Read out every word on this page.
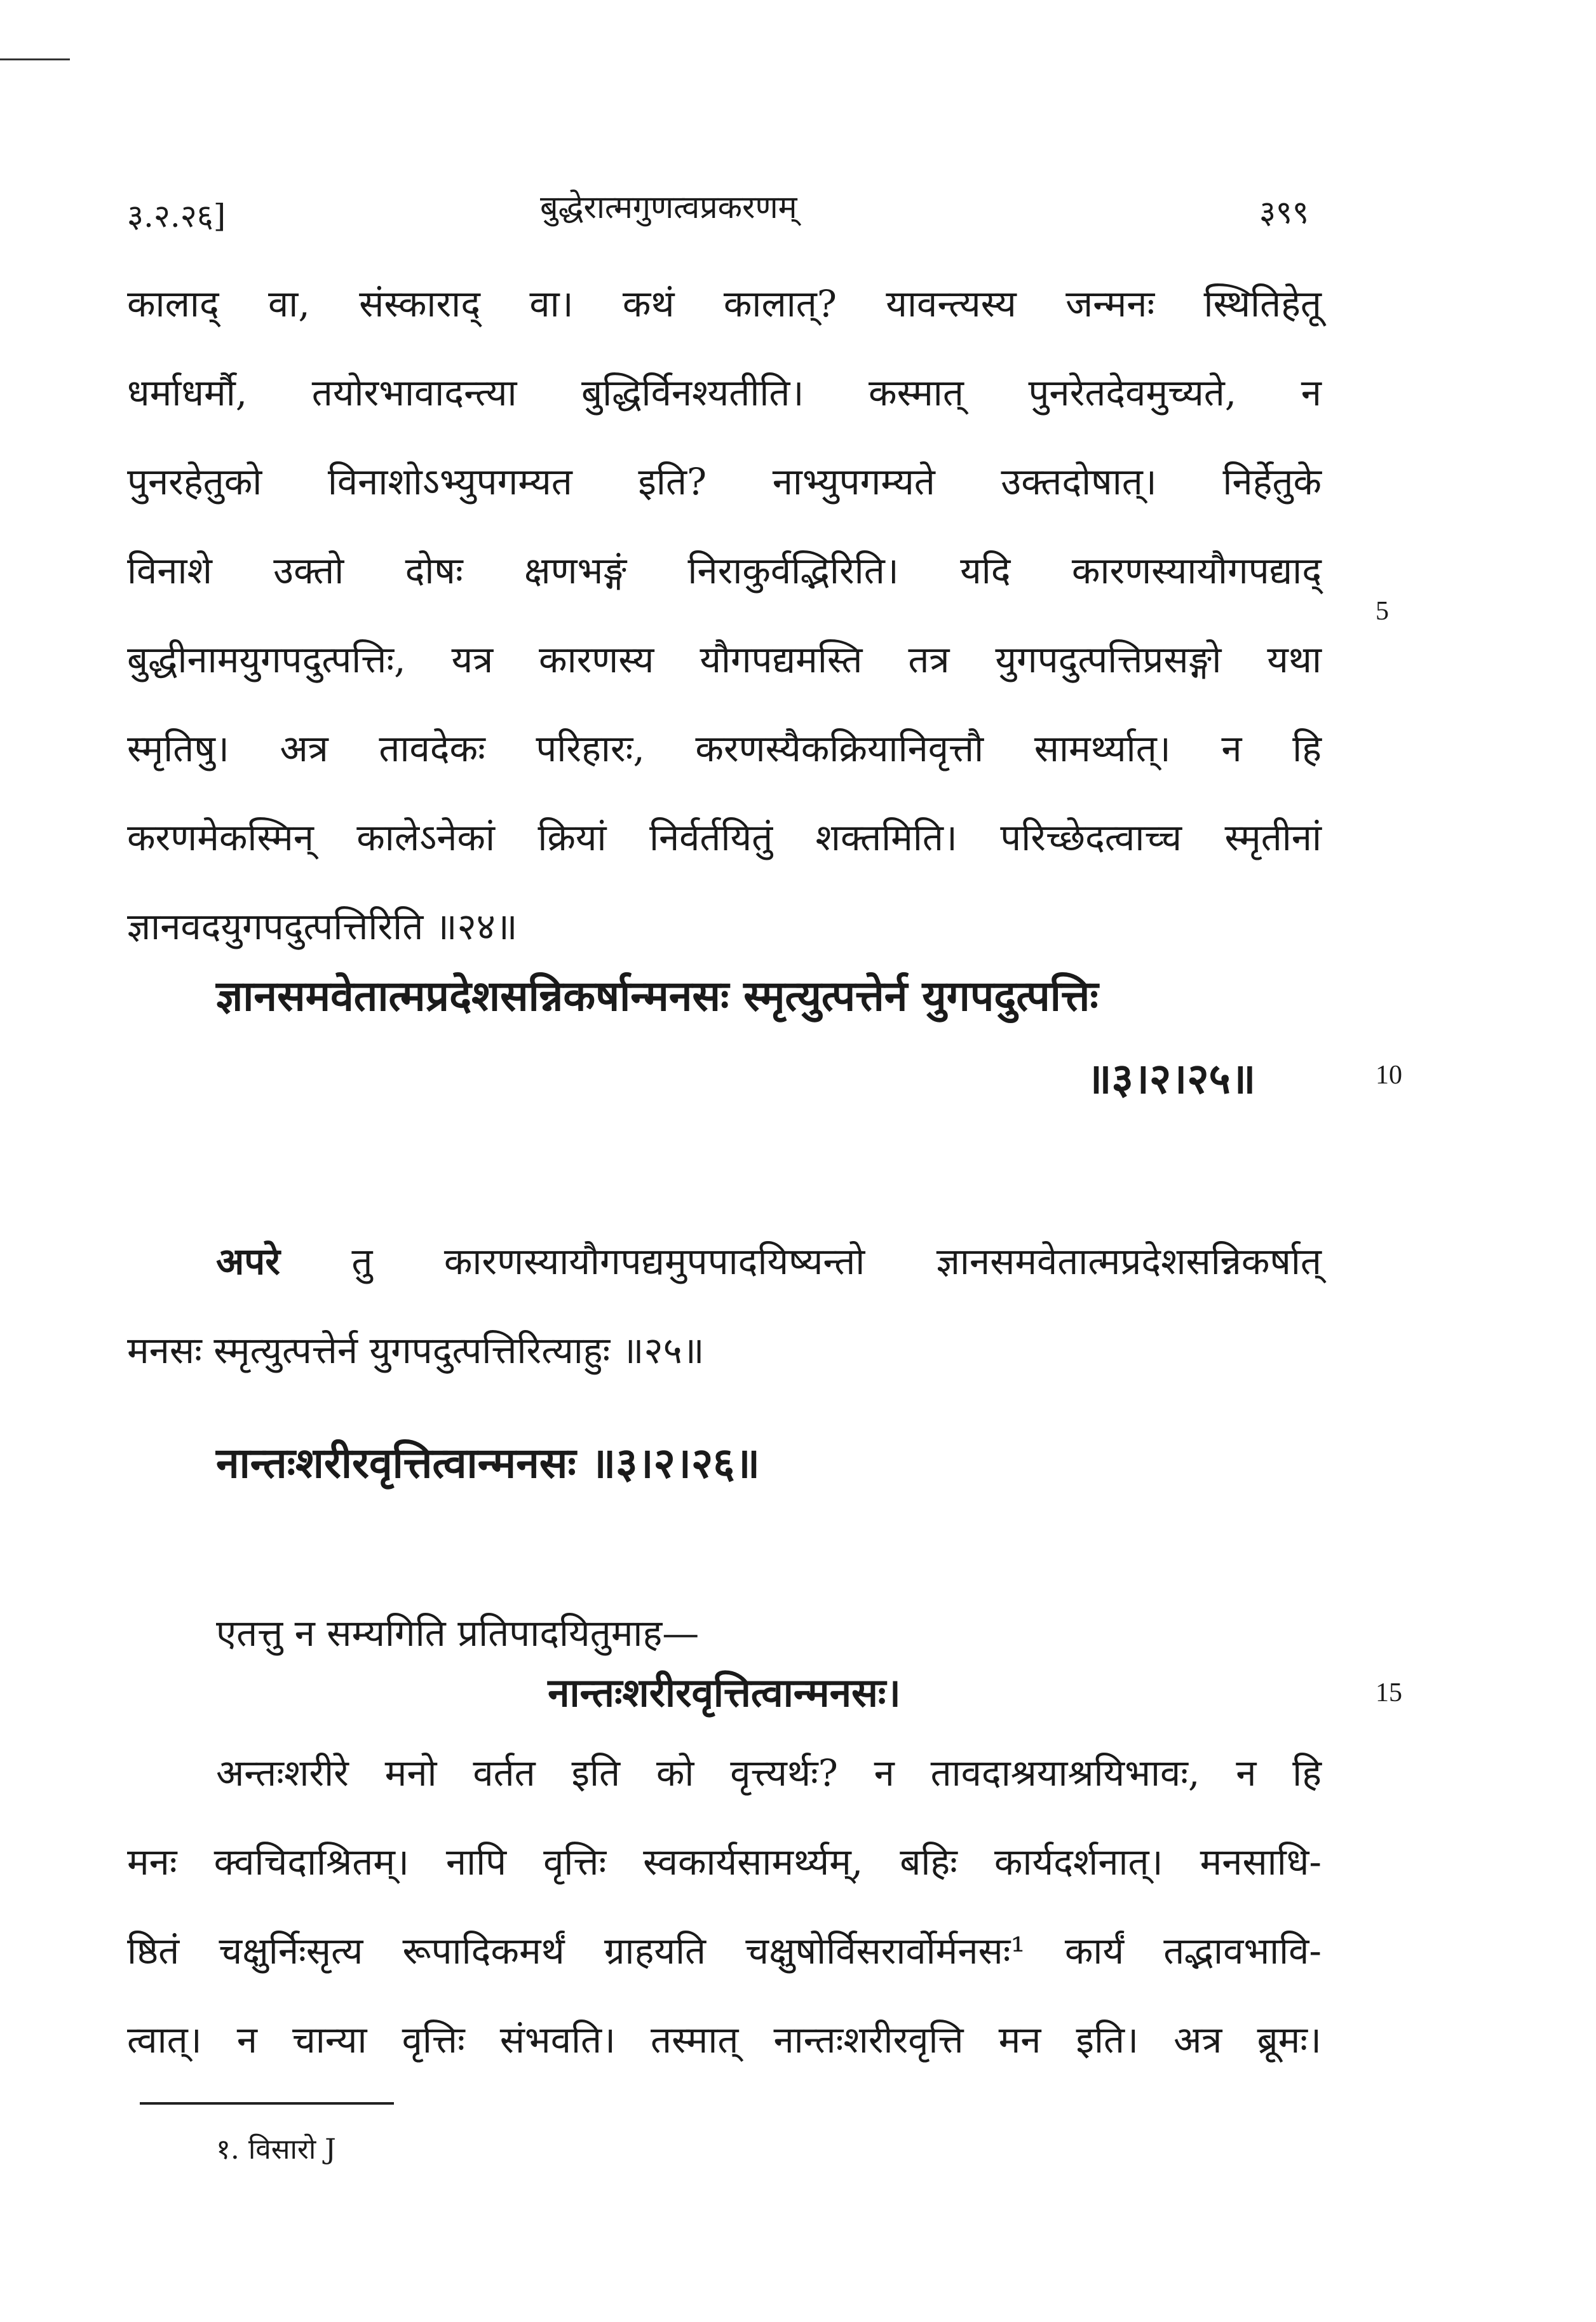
३.२.२६]	बुद्धेरात्मगुणत्वप्रकरणम्	३९९
कालाद् वा, संस्काराद् वा। कथं कालात्? यावन्त्यस्य जन्मनः स्थितिहेतू
धर्माधर्मौ, तयोरभावादन्त्या बुद्धिर्विनश्यतीति। कस्मात् पुनरेतदेवमुच्यते, न
पुनरहेतुको विनाशोऽभ्युपगम्यत इति? नाभ्युपगम्यते उक्तदोषात्। निर्हेतुके
विनाशे उक्तो दोषः क्षणभङ्गं निराकुर्वद्भिरिति। यदि कारणस्यायौगपद्याद्
बुद्धीनामयुगपदुत्पत्तिः, यत्र कारणस्य यौगपद्यमस्ति तत्र युगपदुत्पत्तिप्रसङ्गो यथा
स्मृतिषु। अत्र तावदेकः परिहारः, करणस्यैकक्रियानिवृत्तौ सामर्थ्यात्। न हि
करणमेकस्मिन् कालेऽनेकां क्रियां निर्वर्तयितुं शक्तमिति। परिच्छेदत्वाच्च स्मृतीनां
ज्ञानवदयुगपदुत्पत्तिरिति ॥२४॥
5
ज्ञानसमवेतात्मप्रदेशसन्निकर्षान्मनसः स्मृत्युत्पत्तेर्न युगपदुत्पत्तिः
॥३।२।२५॥	10
अपरे तु कारणस्यायौगपद्यमुपपादयिष्यन्तो ज्ञानसमवेतात्मप्रदेशसन्निकर्षात्
मनसः स्मृत्युत्पत्तेर्न युगपदुत्पत्तिरित्याहुः ॥२५॥
नान्तःशरीरवृत्तित्वान्मनसः ॥३।२।२६॥
एतत्तु न सम्यगिति प्रतिपादयितुमाह—
नान्तःशरीरवृत्तित्वान्मनसः।	15
अन्तःशरीरे मनो वर्तत इति को वृत्त्यर्थः? न तावदाश्रयाश्रयिभावः, न हि
मनः क्वचिदाश्रितम्। नापि वृत्तिः स्वकार्यसामर्थ्यम्, बहिः कार्यदर्शनात्। मनसाधि-
ष्ठितं चक्षुर्निःसृत्य रूपादिकमर्थं ग्राहयति चक्षुषोर्विसरार्वोर्मनसः¹ कार्यं तद्भावभावि-
त्वात्। न चान्या वृत्तिः संभवति। तस्मात् नान्तःशरीरवृत्ति मन इति। अत्र ब्रूमः।
१. विसारो J
